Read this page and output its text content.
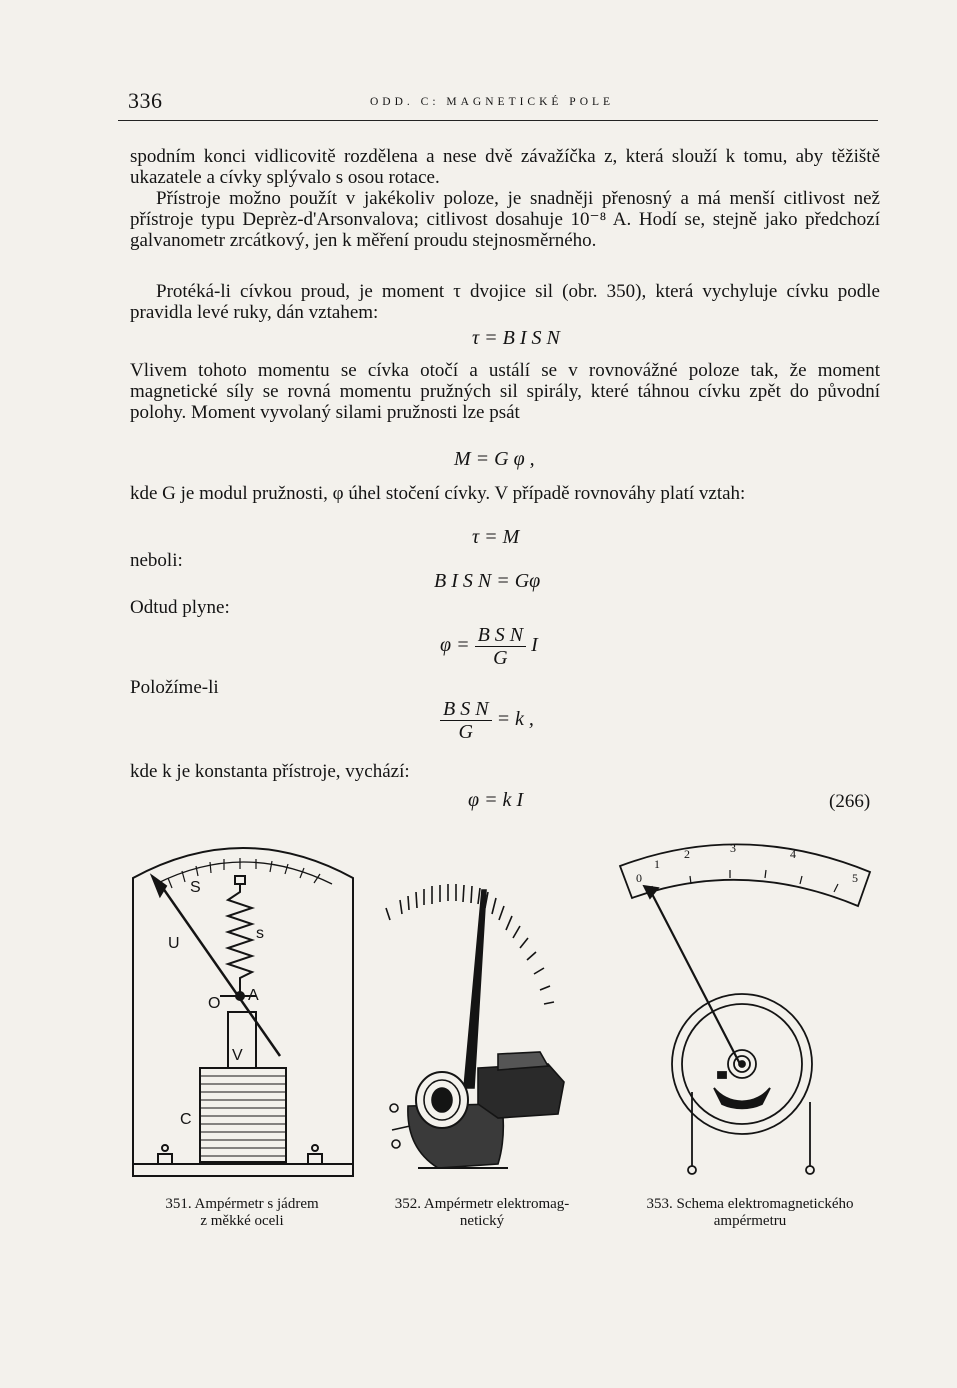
336	ODD. C: MAGNETICKÉ POLE
spodním konci vidlicovitě rozdělena a nese dvě závažíčka z, která slouží k tomu, aby těžiště ukazatele a cívky splývalo s osou rotace.
Přístroje možno použít v jakékoliv poloze, je snadněji přenosný a má menší citlivost než přístroje typu Deprèz-d'Arsonvalova; citlivost dosahuje 10⁻⁸ A. Hodí se, stejně jako předchozí galvanometr zrcátkový, jen k měření proudu stejnosměrného.
Protéká-li cívkou proud, je moment τ dvojice sil (obr. 350), která vychyluje cívku podle pravidla levé ruky, dán vztahem:
τ = B I S N
Vlivem tohoto momentu se cívka otočí a ustálí se v rovnovážné poloze tak, že moment magnetické síly se rovná momentu pružných sil spirály, které táhnou cívku zpět do původní polohy. Moment vyvolaný silami pružnosti lze psát
M = G φ ,
kde G je modul pružnosti, φ úhel stočení cívky. V případě rovnováhy platí vztah:
τ = M
neboli:
B I S N = Gφ
Odtud plyne:
$\varphi = \frac{\text{B S N}}{G}$ I
Položíme-li
$\frac{\text{B S N}}{G} = k$ ,
kde k je konstanta přístroje, vychází:
φ = k I	(266)
S
s
U
O A
V
C
351. Ampérmetr s jádrem
z měkké oceli
352. Ampérmetr elektromag-
netický
0
1
2	3	4
5
353. Schema elektromagnetického
ampérmetru
